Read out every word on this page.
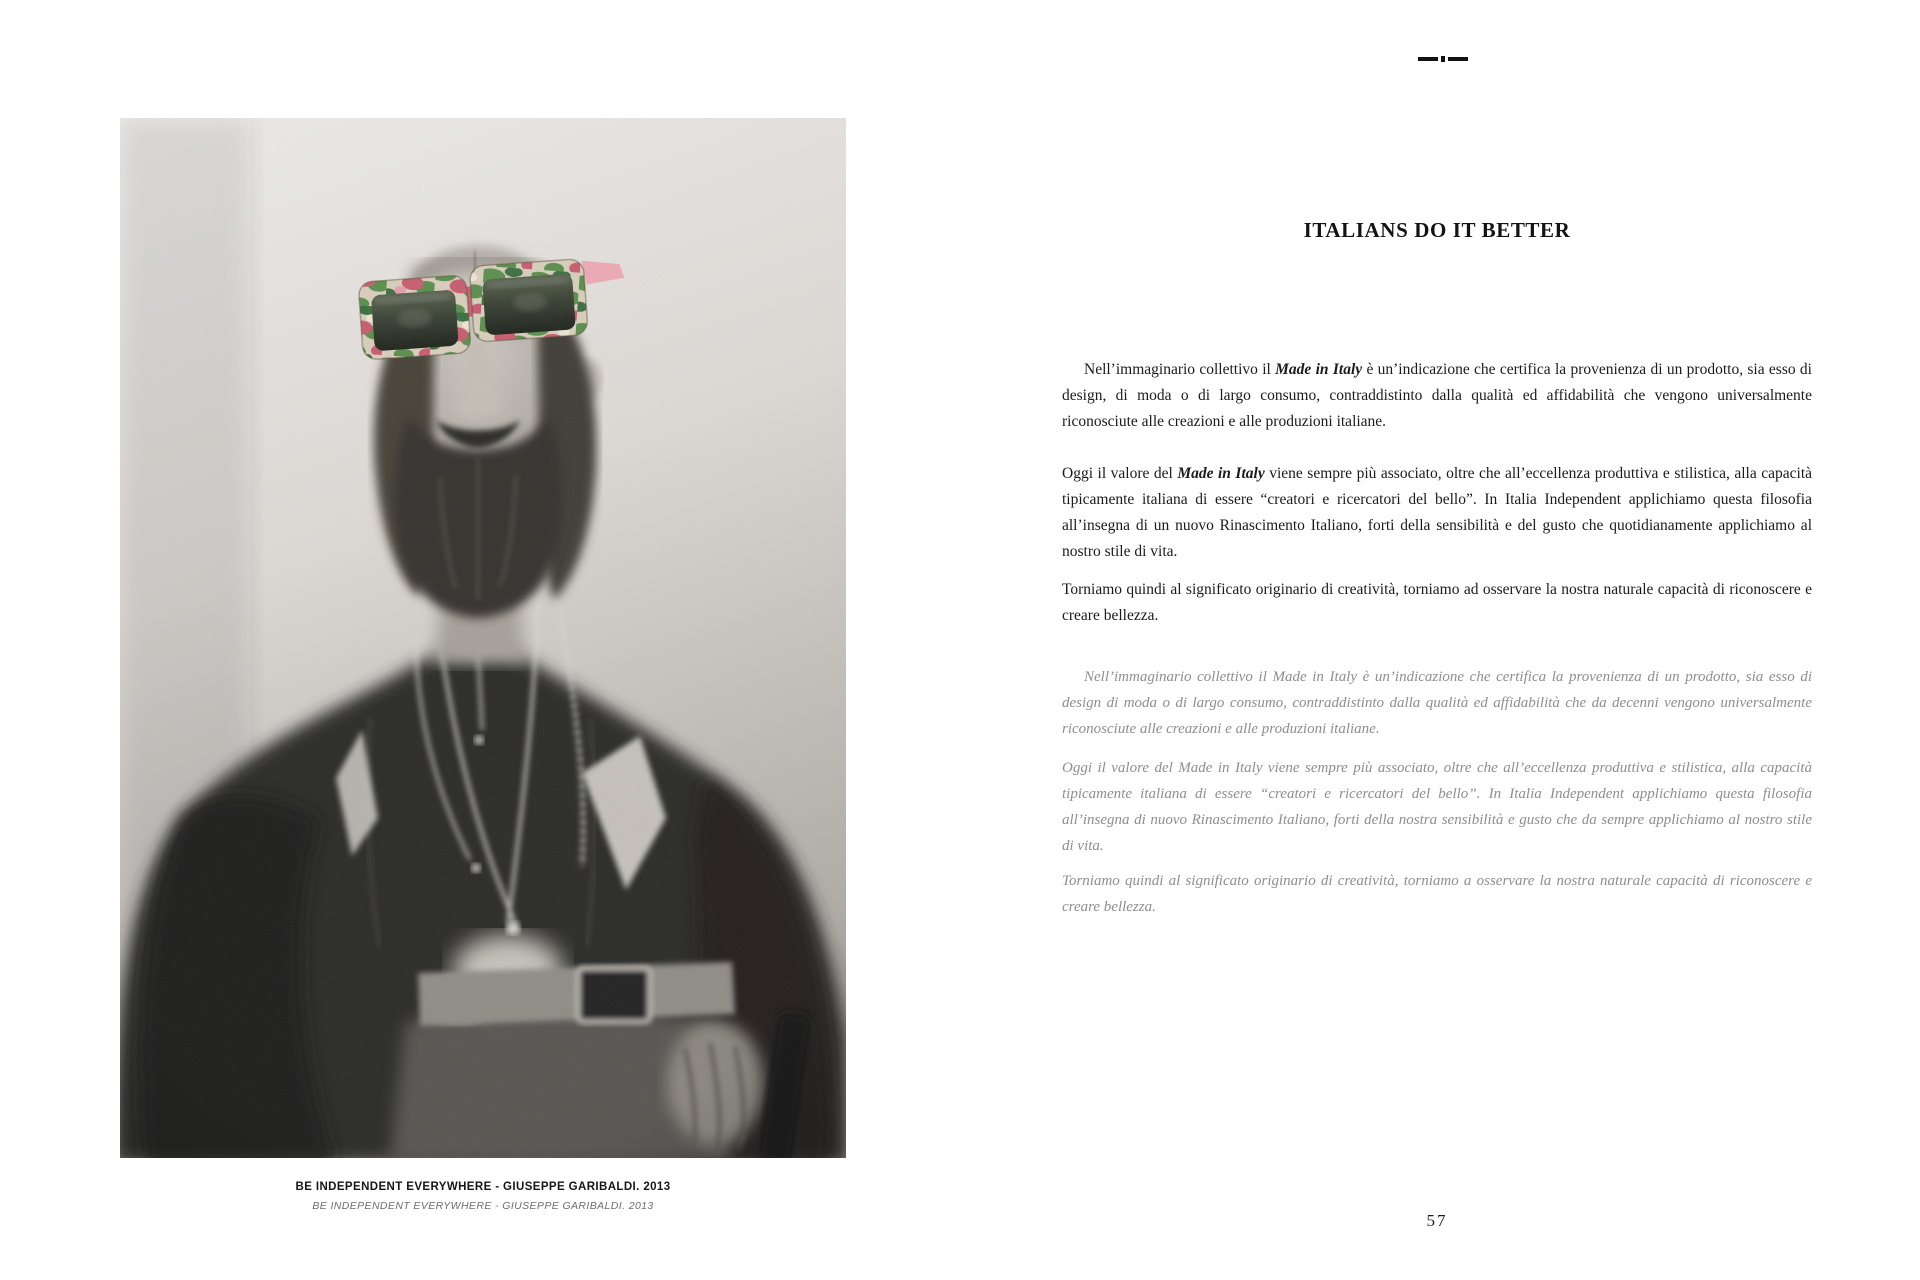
BE INDEPENDENT EVERYWHERE - GIUSEPPE GARIBALDI. 2013
BE INDEPENDENT EVERYWHERE - GIUSEPPE GARIBALDI. 2013
ITALIANS DO IT BETTER

Nell’immaginario collettivo il Made in Italy è un’indicazione che certifica la provenienza di un prodotto, sia esso di design, di moda o di largo consumo, contraddistinto dalla qualità ed affidabilità che vengono universalmente riconosciute alle creazioni e alle produzioni italiane.

Oggi il valore del Made in Italy viene sempre più associato, oltre che all’eccellenza produttiva e stilistica, alla capacità tipicamente italiana di essere “creatori e ricercatori del bello”. In Italia Independent applichiamo questa filosofia all’insegna di un nuovo Rinascimento Italiano, forti della sensibilità e del gusto che quotidianamente applichiamo al nostro stile di vita.

Torniamo quindi al significato originario di creatività, torniamo ad osservare la nostra naturale capacità di riconoscere e creare bellezza.

Nell’immaginario collettivo il Made in Italy è un’indicazione che certifica la provenienza di un prodotto, sia esso di design di moda o di largo consumo, contraddistinto dalla qualità ed affidabilità che da decenni vengono universalmente riconosciute alle creazioni e alle produzioni italiane.

Oggi il valore del Made in Italy viene sempre più associato, oltre che all’eccellenza produttiva e stilistica, alla capacità tipicamente italiana di essere “creatori e ricercatori del bello”. In Italia Independent applichiamo questa filosofia all’insegna di nuovo Rinascimento Italiano, forti della nostra sensibilità e gusto che da sempre applichiamo al nostro stile di vita.

Torniamo quindi al significato originario di creatività, torniamo a osservare la nostra naturale capacità di riconoscere e creare bellezza.

57
